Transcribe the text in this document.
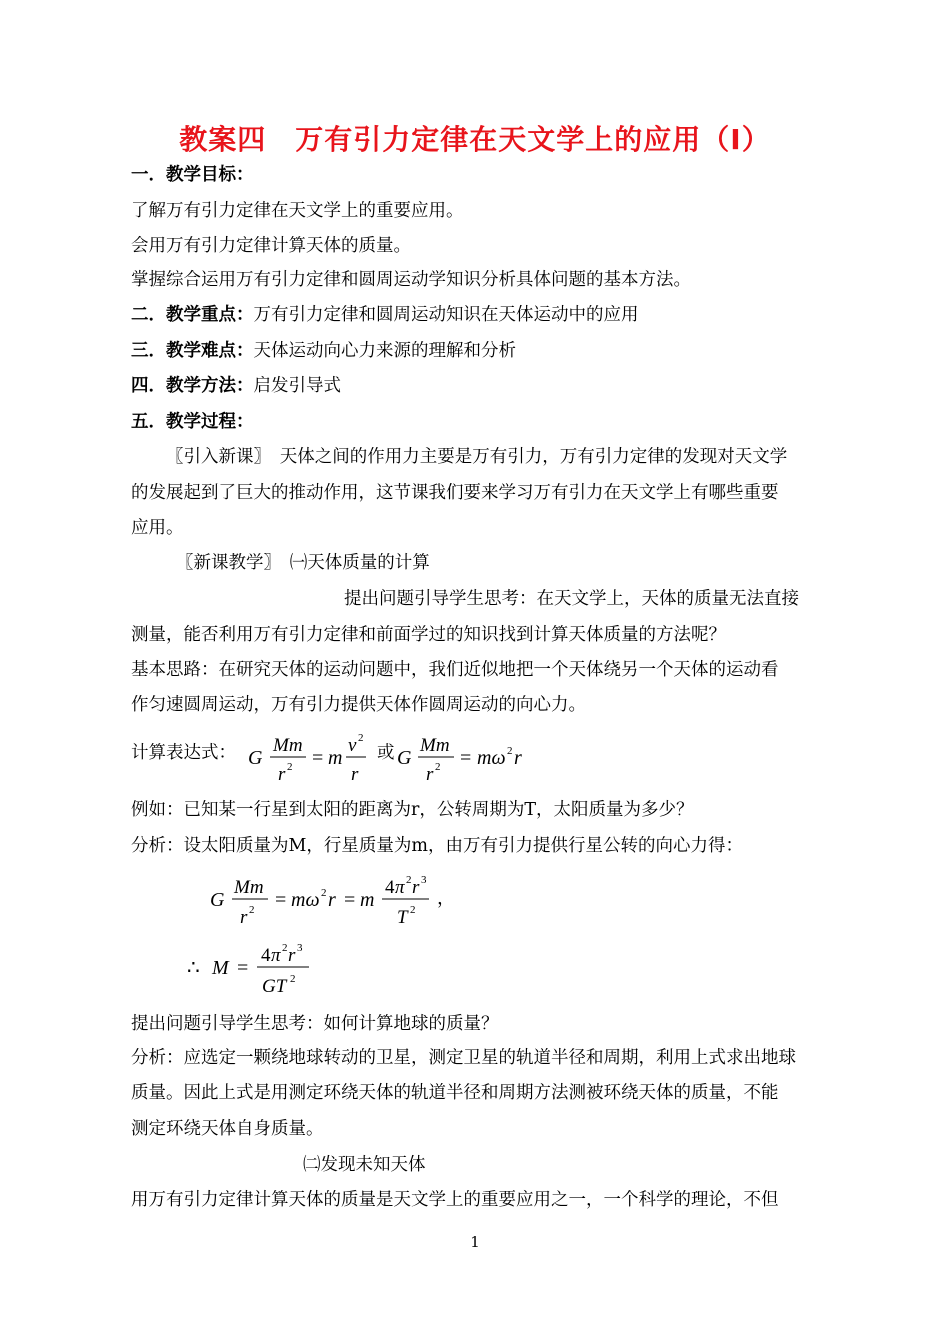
教案四　万有引力定律在天文学上的应用（Ⅰ）
一．教学目标：
了解万有引力定律在天文学上的重要应用。
会用万有引力定律计算天体的质量。
掌握综合运用万有引力定律和圆周运动学知识分析具体问题的基本方法。
二．教学重点：万有引力定律和圆周运动知识在天体运动中的应用
三．教学难点：天体运动向心力来源的理解和分析
四．教学方法：启发引导式
五．教学过程：
〖引入新课〗　天体之间的作用力主要是万有引力，万有引力定律的发现对天文学
的发展起到了巨大的推动作用，这节课我们要来学习万有引力在天文学上有哪些重要
应用。
〖新课教学〗　㈠天体质量的计算
提出问题引导学生思考：在天文学上，天体的质量无法直接
测量，能否利用万有引力定律和前面学过的知识找到计算天体质量的方法呢？
基本思路：在研究天体的运动问题中，我们近似地把一个天体绕另一个天体的运动看
作匀速圆周运动，万有引力提供天体作圆周运动的向心力。
计算表达式： G
Mm
r 2 = m
v 2
r
或 G
Mm
r 2 = mω 2 r
例如：已知某一行星到太阳的距离为r，公转周期为T，太阳质量为多少？
分析：设太阳质量为M，行星质量为m，由万有引力提供行星公转的向心力得：
G
Mm
r 2 = mω 2 r = m
4 π 2 r 3
T 2
，
∴ M =
4 π 2 r 3
GT 2
提出问题引导学生思考：如何计算地球的质量？
分析：应选定一颗绕地球转动的卫星，测定卫星的轨道半径和周期，利用上式求出地球
质量。因此上式是用测定环绕天体的轨道半径和周期方法测被环绕天体的质量，不能
测定环绕天体自身质量。
㈡发现未知天体
用万有引力定律计算天体的质量是天文学上的重要应用之一，一个科学的理论，不但
1
